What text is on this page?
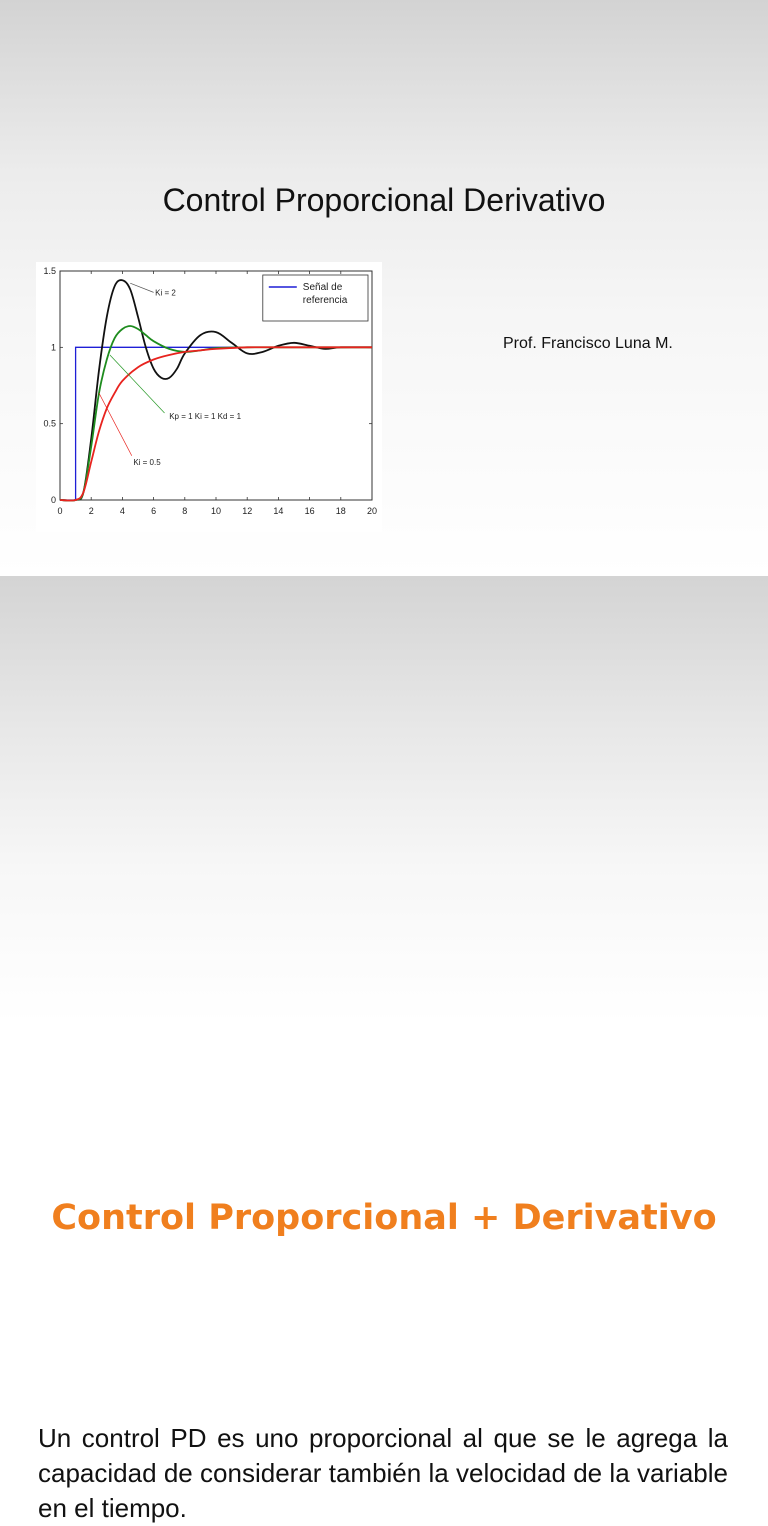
Control Proporcional Derivativo
0	2	4	6	8	10 12 14 16 18 20
0
0.5
1
1.5
Ki = 2
Kp = 1 Ki = 1 Kd = 1
Ki = 0.5
Señal de
referencia
Prof. Francisco Luna M.
Control Proporcional + Derivativo

Un control PD es uno proporcional al que se le agrega la capacidad de considerar también la velocidad de la variable en el tiempo.
